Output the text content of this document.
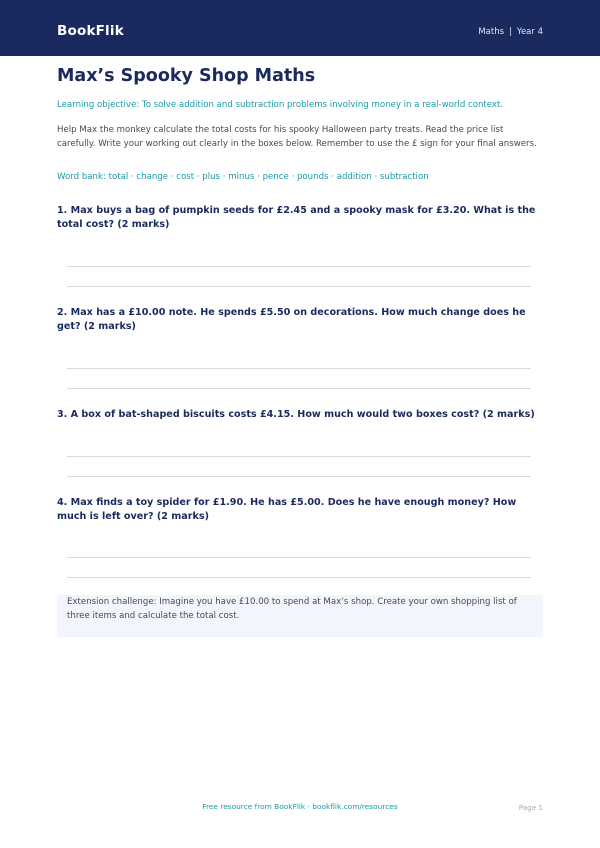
BookFlik	Maths | Year 4
Max’s Spooky Shop Maths

Learning objective: To solve addition and subtraction problems involving money in a real-world context.

Help Max the monkey calculate the total costs for his spooky Halloween party treats. Read the price list carefully. Write your working out clearly in the boxes below. Remember to use the £ sign for your final answers.

Word bank: total · change · cost · plus · minus · pence · pounds · addition · subtraction

1. Max buys a bag of pumpkin seeds for £2.45 and a spooky mask for £3.20. What is the total cost? (2 marks)

2. Max has a £10.00 note. He spends £5.50 on decorations. How much change does he get? (2 marks)

3. A box of bat-shaped biscuits costs £4.15. How much would two boxes cost? (2 marks)

4. Max finds a toy spider for £1.90. He has £5.00. Does he have enough money? How much is left over? (2 marks)

Extension challenge: Imagine you have £10.00 to spend at Max’s shop. Create your own shopping list of three items and calculate the total cost.

Free resource from BookFlik · bookflik.com/resources	Page 1
